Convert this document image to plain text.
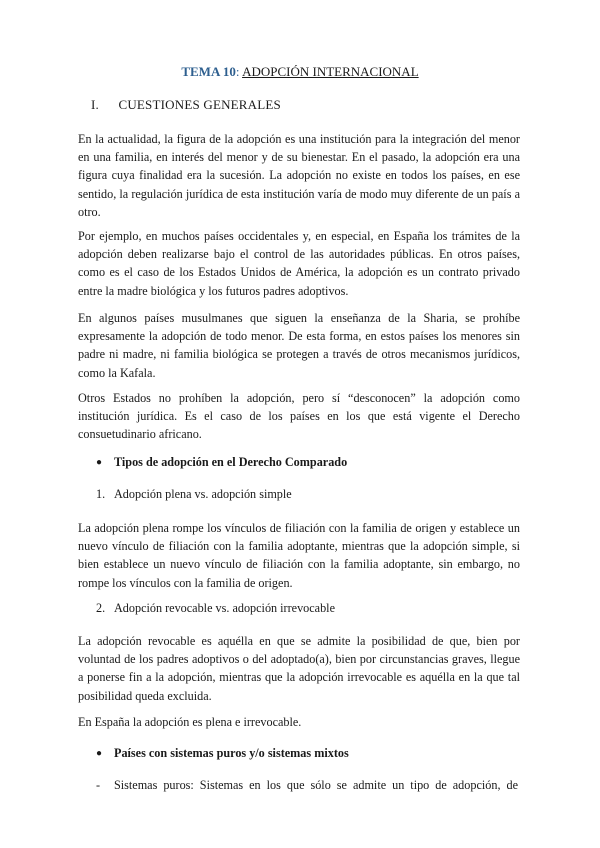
TEMA 10: ADOPCIÓN INTERNACIONAL
I. CUESTIONES GENERALES

En la actualidad, la figura de la adopción es una institución para la integración del menor en una familia, en interés del menor y de su bienestar. En el pasado, la adopción era una figura cuya finalidad era la sucesión. La adopción no existe en todos los países, en ese sentido, la regulación jurídica de esta institución varía de modo muy diferente de un país a otro.

Por ejemplo, en muchos países occidentales y, en especial, en España los trámites de la adopción deben realizarse bajo el control de las autoridades públicas. En otros países, como es el caso de los Estados Unidos de América, la adopción es un contrato privado entre la madre biológica y los futuros padres adoptivos.

En algunos países musulmanes que siguen la enseñanza de la Sharia, se prohíbe expresamente la adopción de todo menor. De esta forma, en estos países los menores sin padre ni madre, ni familia biológica se protegen a través de otros mecanismos jurídicos, como la Kafala.

Otros Estados no prohíben la adopción, pero sí “desconocen” la adopción como institución jurídica. Es el caso de los países en los que está vigente el Derecho consuetudinario africano.

● Tipos de adopción en el Derecho Comparado
1. Adopción plena vs. adopción simple

La adopción plena rompe los vínculos de filiación con la familia de origen y establece un nuevo vínculo de filiación con la familia adoptante, mientras que la adopción simple, si bien establece un nuevo vínculo de filiación con la familia adoptante, sin embargo, no rompe los vínculos con la familia de origen.

2. Adopción revocable vs. adopción irrevocable

La adopción revocable es aquélla en que se admite la posibilidad de que, bien por voluntad de los padres adoptivos o del adoptado(a), bien por circunstancias graves, llegue a ponerse fin a la adopción, mientras que la adopción irrevocable es aquélla en la que tal posibilidad queda excluida.

En España la adopción es plena e irrevocable.

● Países con sistemas puros y/o sistemas mixtos
- Sistemas puros: Sistemas en los que sólo se admite un tipo de adopción, de
